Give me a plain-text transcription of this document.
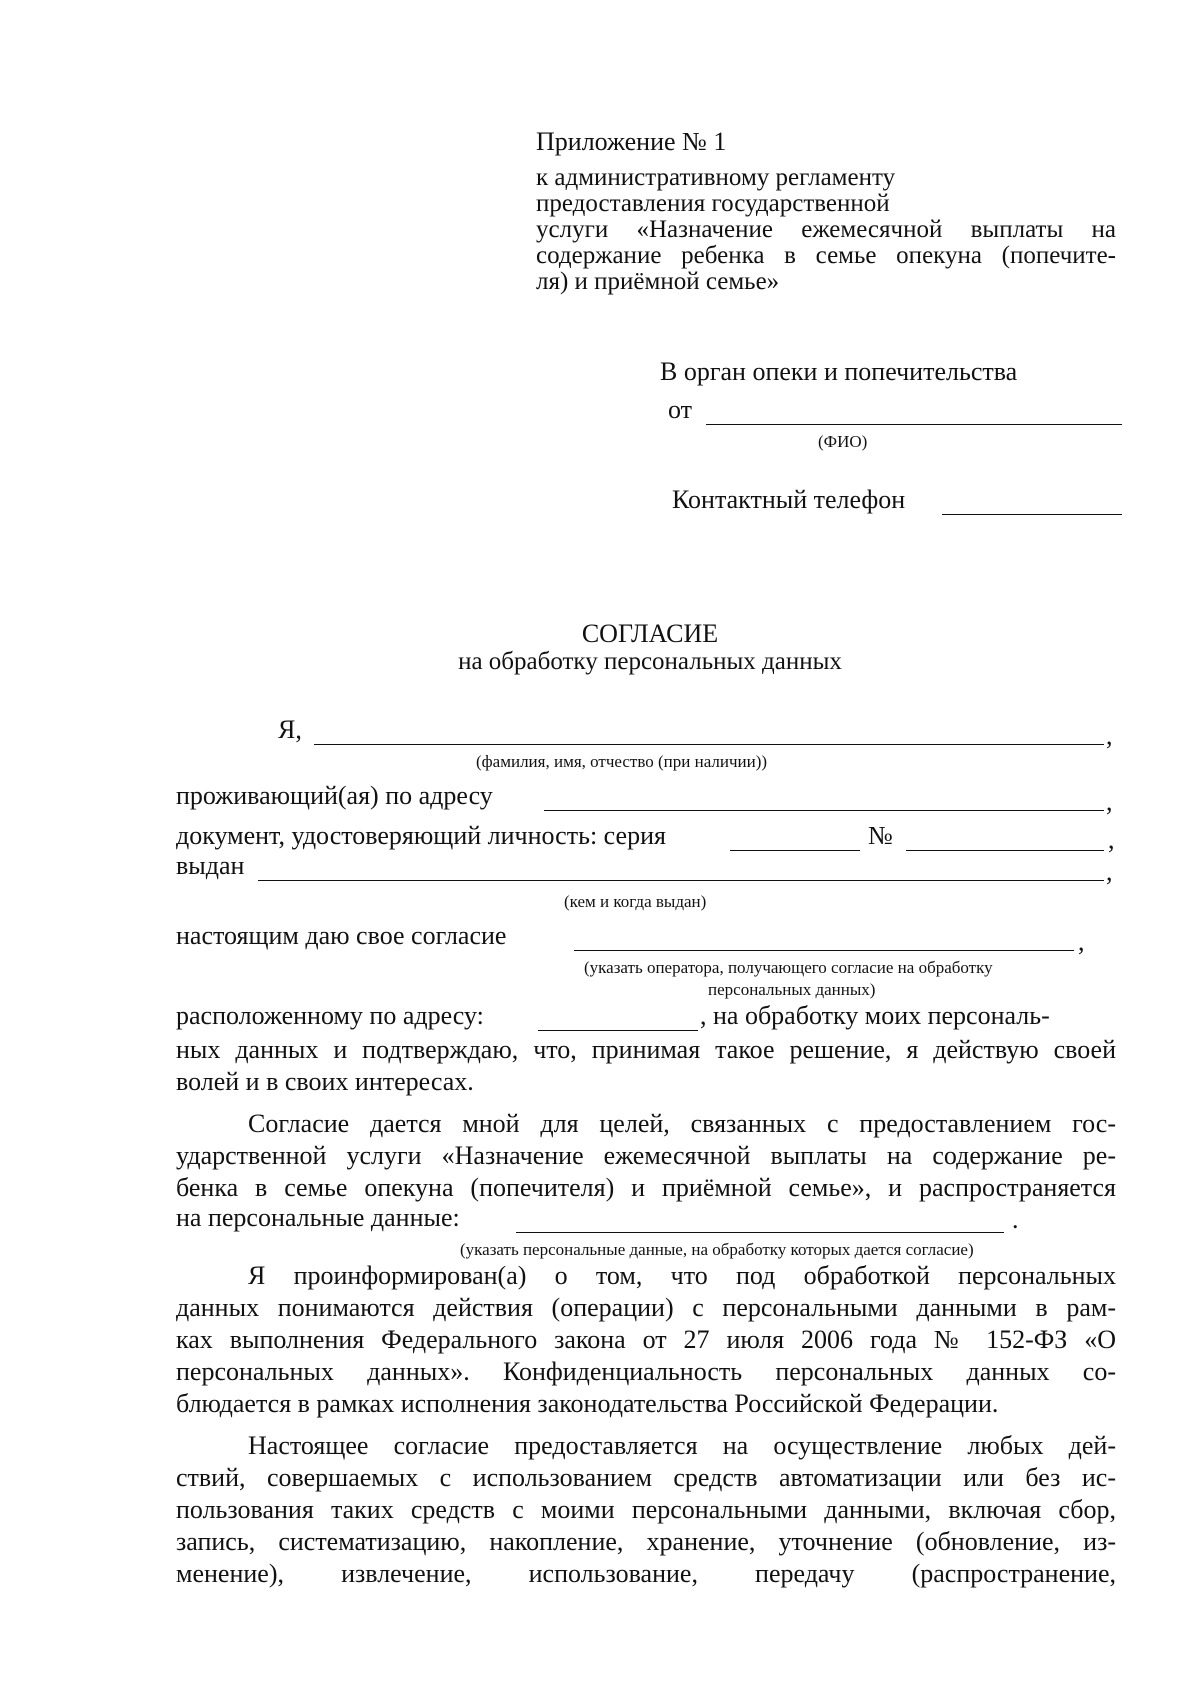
Приложение № 1
к административному регламенту
предоставления государственной
услуги «Назначение ежемесячной выплаты на
содержание ребенка в семье опекуна (попечите-
ля) и приёмной семье»
В орган опеки и попечительства
от
(ФИО)
Контактный телефон
СОГЛАСИЕ
на обработку персональных данных
Я,	,
(фамилия, имя, отчество (при наличии))
проживающий(ая) по адресу	,
документ, удостоверяющий личность: серия	№	,
выдан	,
(кем и когда выдан)
настоящим даю свое согласие	,
(указать оператора, получающего согласие на обработку
персональных данных)
расположенному по адресу:	, на обработку моих персональ-
ных данных и подтверждаю, что, принимая такое решение, я действую своей
волей и в своих интересах.
Согласие дается мной для целей, связанных с предоставлением гос-
ударственной услуги «Назначение ежемесячной выплаты на содержание ре-
бенка в семье опекуна (попечителя) и приёмной семье», и распространяется
на персональные данные:	.
(указать персональные данные, на обработку которых дается согласие)
Я проинформирован(а) о том, что под обработкой персональных
данных понимаются действия (операции) с персональными данными в рам-
ках выполнения Федерального закона от 27 июля 2006 года № 152-ФЗ «О
персональных данных». Конфиденциальность персональных данных со-
блюдается в рамках исполнения законодательства Российской Федерации.
Настоящее согласие предоставляется на осуществление любых дей-
ствий, совершаемых с использованием средств автоматизации или без ис-
пользования таких средств с моими персональными данными, включая сбор,
запись, систематизацию, накопление, хранение, уточнение (обновление, из-
менение), извлечение, использование, передачу (распространение,
